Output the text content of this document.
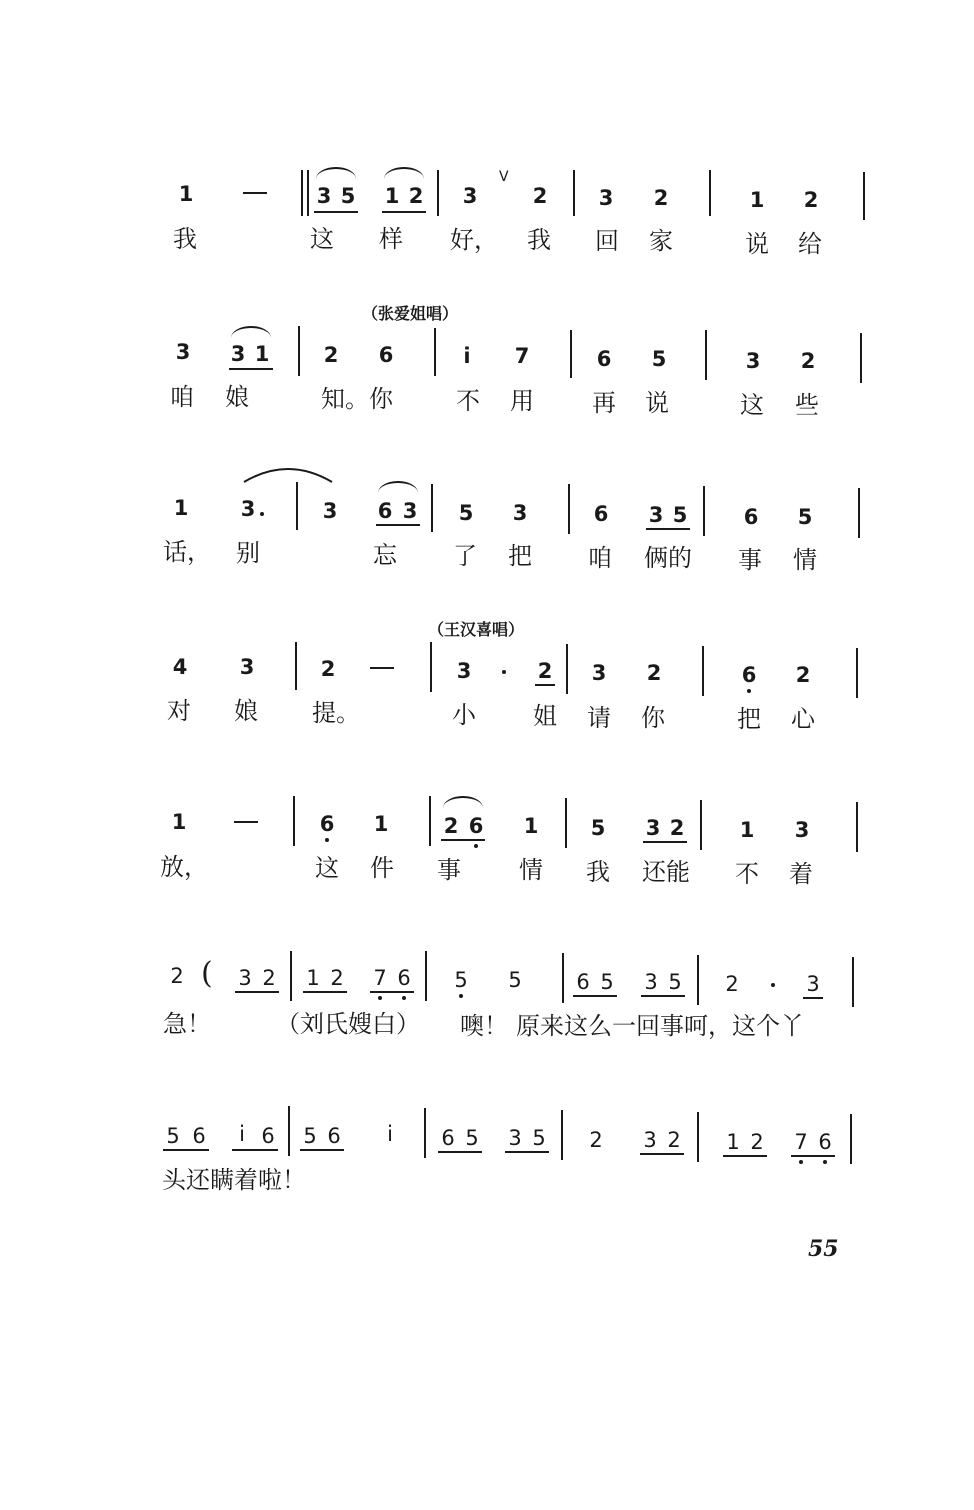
1	3 5 1 2 3
V
2 3 2	1 2
我	这 样 好， 我 回 家	说 给
（张爱姐唱）
3 3 1	2 6	i 7	6 5	3 2
咱 娘	知。你	不 用 再 说	这 些
1 3	3 6 3 5 3	6 3 5	6 5
话， 别	忘 了 把 咱 俩的 事 情
（王汉喜唱）
4 3	2	3	2 3 2	6 2
对 娘 提。	小 姐 请 你	把 心
1	6 1	2 6 1 5 3 2	1 3
放，	这 件 事 情 我 还能 不 着
2 ( 3 2 1 2 7 6 5 5	6 5 3 5 2	3
急！	（刘氏嫂白） 噢！ 原来这么一回事呵，这个丫
5 6 i 6 5 6 i 6 5 3 5 2 3 2 1 2 7 6
头还瞒着啦！
55
